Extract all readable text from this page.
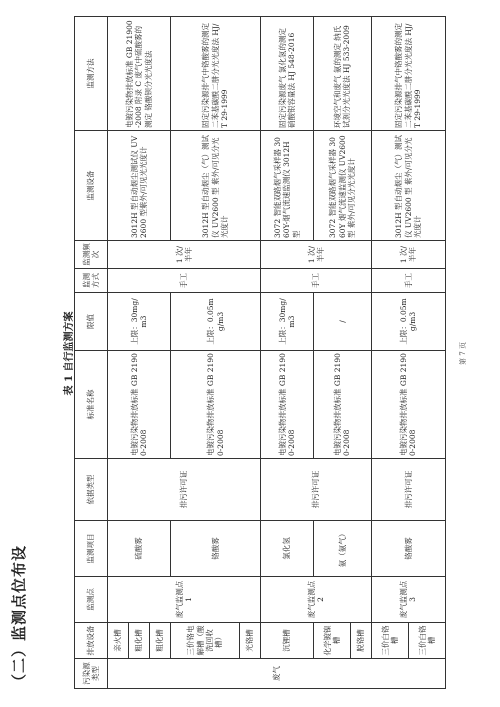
（二）监测点位布设
表 1 自行监测方案
污染源类型	排放设备	监测点	监测项目	依据类型	标准名称	限值	监测方式	监测频次	监测设备	监测方法
废气	亲火槽	废气监测点 1	硫酸雾	排污许可证	电镀污染物排放标准 GB 21900-2008	上限：30mg/m3	手工	1 次/半年	3012H 型自动烟尘测试仪 UV2600 型紫外/可见光光度计	电镀污染物排放标准 GB 21900-2008 附录 C 废气中硫酸雾的测定 铬酸钡分光光度法
	粗化槽									
	粗化槽									
	三价铬电解槽（酸洗回收槽）		铬酸雾		电镀污染物排放标准 GB 21900-2008	上限：0.05mg/m3			3012H 型自动烟尘（气）测试仪 UV2600 型 紫外/可见分光光度计	固定污染源排气中铬酸雾的测定 二苯基碳酰二肼分光光度法 HJ/T 29-1999
	光铬槽									
	沉锂槽	废气监测点 2	氯化氢	排污许可证	电镀污染物排放标准 GB 21900-2008	上限：30mg/m3	手工	1 次/半年	3072 智能双路烟气采样器 3060Y-烟气流速监测仪 3012H 型	固定污染源废气 氯化氢的测定 硝酸银容量法 HJ 548-2016
	化学镀镍槽		氨（氨气）		电镀污染物排放标准 GB 21900-2008	/			3072 智能双路烟气采样器 3060Y 烟气流速监测仪 UV2600 型 紫外/可见分光光度计	环境空气和废气 氨的测定 纳氏试剂分光光度法 HJ 533-2009
	脱铬槽									
	三价白铬槽	废气监测点 3	铬酸雾	排污许可证	电镀污染物排放标准 GB 21900-2008	上限：0.05mg/m3	手工	1 次/半年	3012H 型自动烟尘（气）测试仪 UV2600 型 紫外/可见分光光度计	固定污染源排气中铬酸雾的测定 二苯基碳酰二肼分光光度法 HJ/T 29-1999
	三价白铬槽									
第 7 页
